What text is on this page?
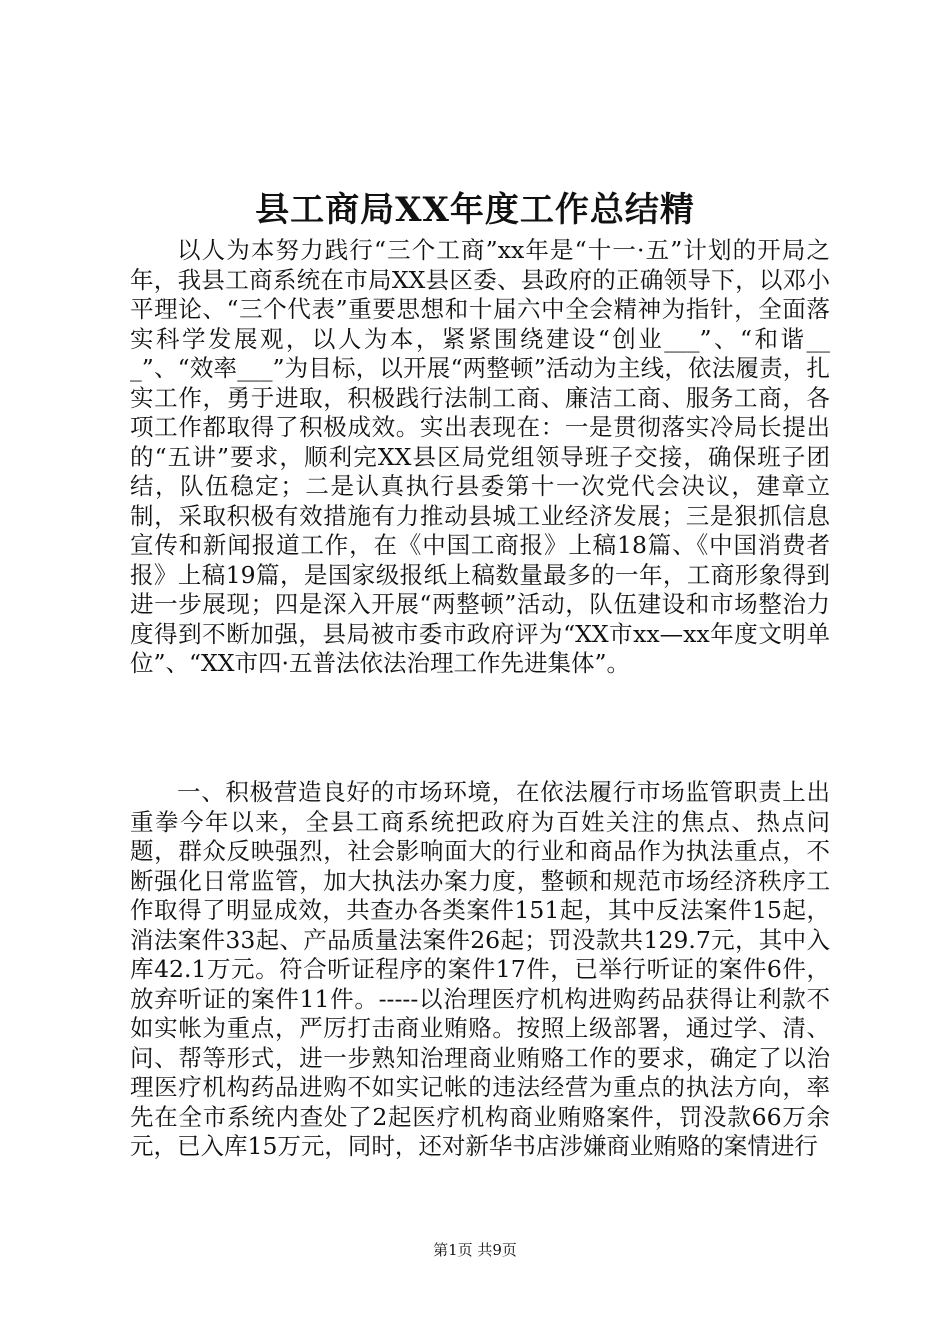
县工商局XX年度工作总结精

以人为本努力践行“三个工商”xx年是“十一·五”计划的开局之年，我县工商系统在市局XX县区委、县政府的正确领导下，以邓小平理论、“三个代表”重要思想和十届六中全会精神为指针，全面落实科学发展观，以人为本，紧紧围绕建设“创业___”、“和谐___”、“效率___”为目标，以开展“两整顿”活动为主线，依法履责，扎实工作，勇于进取，积极践行法制工商、廉洁工商、服务工商，各项工作都取得了积极成效。实出表现在：一是贯彻落实冷局长提出的“五讲”要求，顺利完XX县区局党组领导班子交接，确保班子团结，队伍稳定；二是认真执行县委第十一次党代会决议，建章立制，采取积极有效措施有力推动县城工业经济发展；三是狠抓信息宣传和新闻报道工作，在《中国工商报》上稿18篇、《中国消费者报》上稿19篇，是国家级报纸上稿数量最多的一年，工商形象得到进一步展现；四是深入开展“两整顿”活动，队伍建设和市场整治力度得到不断加强，县局被市委市政府评为“XX市xx—xx年度文明单位”、“XX市四·五普法依法治理工作先进集体”。

一、积极营造良好的市场环境，在依法履行市场监管职责上出重拳今年以来，全县工商系统把政府为百姓关注的焦点、热点问题，群众反映强烈，社会影响面大的行业和商品作为执法重点，不断强化日常监管，加大执法办案力度，整顿和规范市场经济秩序工作取得了明显成效，共查办各类案件151起，其中反法案件15起，消法案件33起、产品质量法案件26起；罚没款共129.7元，其中入库42.1万元。符合听证程序的案件17件，已举行听证的案件6件，放弃听证的案件11件。-----以治理医疗机构进购药品获得让利款不如实帐为重点，严厉打击商业贿赂。按照上级部署，通过学、清、问、帮等形式，进一步熟知治理商业贿赂工作的要求，确定了以治理医疗机构药品进购不如实记帐的违法经营为重点的执法方向，率先在全市系统内查处了2起医疗机构商业贿赂案件，罚没款66万余元，已入库15万元，同时，还对新华书店涉嫌商业贿赂的案情进行

第1页 共9页
